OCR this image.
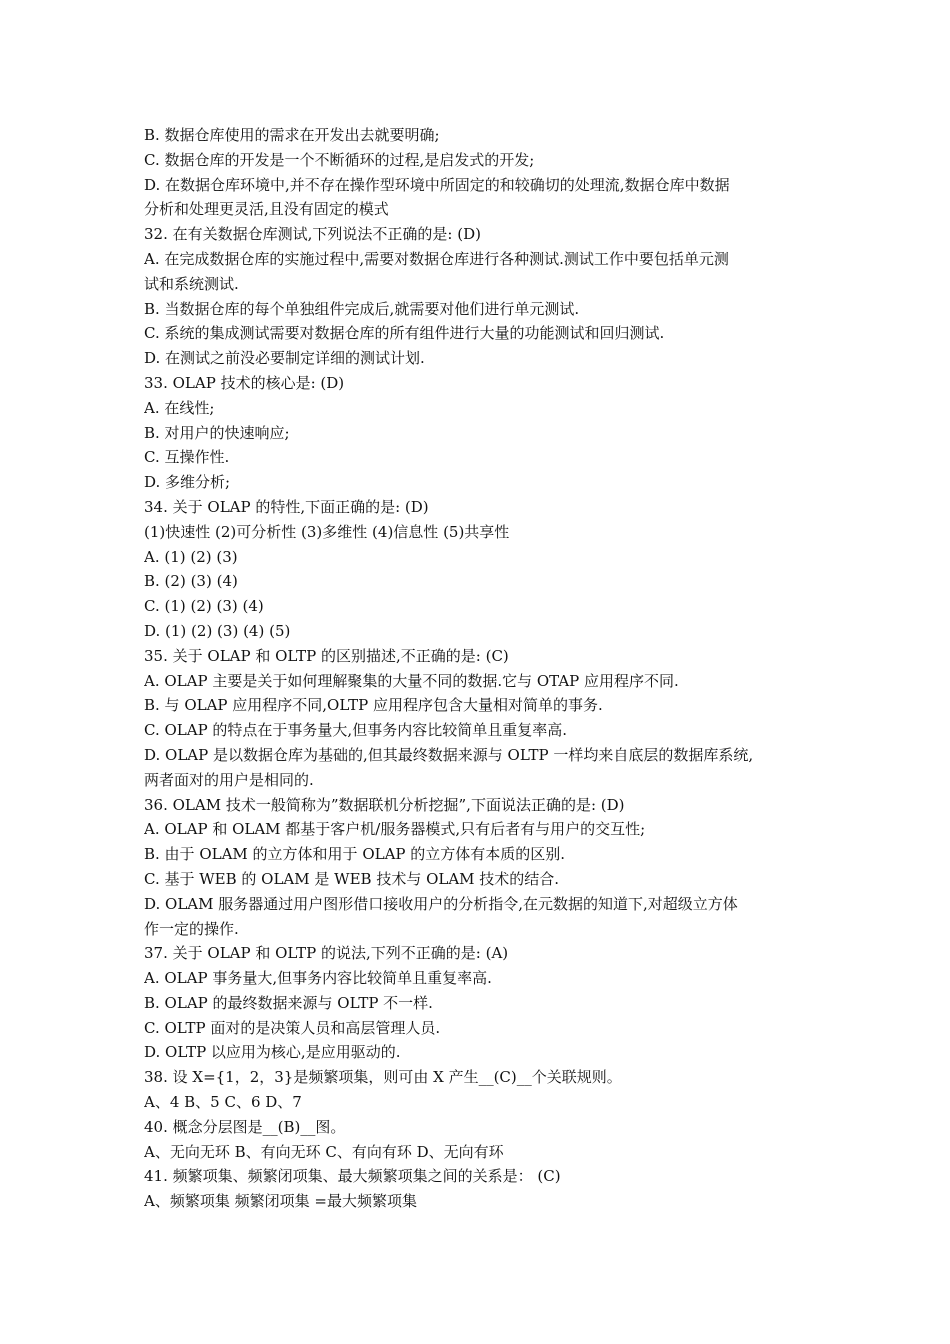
B. 数据仓库使用的需求在开发出去就要明确;
C. 数据仓库的开发是一个不断循环的过程,是启发式的开发;
D. 在数据仓库环境中,并不存在操作型环境中所固定的和较确切的处理流,数据仓库中数据
分析和处理更灵活,且没有固定的模式
32. 在有关数据仓库测试,下列说法不正确的是: (D)
A. 在完成数据仓库的实施过程中,需要对数据仓库进行各种测试.测试工作中要包括单元测
试和系统测试.
B. 当数据仓库的每个单独组件完成后,就需要对他们进行单元测试.
C. 系统的集成测试需要对数据仓库的所有组件进行大量的功能测试和回归测试.
D. 在测试之前没必要制定详细的测试计划.
33. OLAP 技术的核心是: (D)
A. 在线性;
B. 对用户的快速响应;
C. 互操作性.
D. 多维分析;
34. 关于 OLAP 的特性,下面正确的是: (D)
(1)快速性 (2)可分析性 (3)多维性 (4)信息性 (5)共享性
A. (1) (2) (3)
B. (2) (3) (4)
C. (1) (2) (3) (4)
D. (1) (2) (3) (4) (5)
35. 关于 OLAP 和 OLTP 的区别描述,不正确的是: (C)
A. OLAP 主要是关于如何理解聚集的大量不同的数据.它与 OTAP 应用程序不同.
B. 与 OLAP 应用程序不同,OLTP 应用程序包含大量相对简单的事务.
C. OLAP 的特点在于事务量大,但事务内容比较简单且重复率高.
D. OLAP 是以数据仓库为基础的,但其最终数据来源与 OLTP 一样均来自底层的数据库系统,
两者面对的用户是相同的.
36. OLAM 技术一般简称为”数据联机分析挖掘”,下面说法正确的是: (D)
A. OLAP 和 OLAM 都基于客户机/服务器模式,只有后者有与用户的交互性;
B. 由于 OLAM 的立方体和用于 OLAP 的立方体有本质的区别.
C. 基于 WEB 的 OLAM 是 WEB 技术与 OLAM 技术的结合.
D. OLAM 服务器通过用户图形借口接收用户的分析指令,在元数据的知道下,对超级立方体
作一定的操作.
37. 关于 OLAP 和 OLTP 的说法,下列不正确的是: (A)
A. OLAP 事务量大,但事务内容比较简单且重复率高.
B. OLAP 的最终数据来源与 OLTP 不一样.
C. OLTP 面对的是决策人员和高层管理人员.
D. OLTP 以应用为核心,是应用驱动的.
38. 设 X={1，2，3}是频繁项集，则可由 X 产生__(C)__个关联规则。
A、4 B、5 C、6 D、7
40. 概念分层图是__(B)__图。
A、无向无环 B、有向无环 C、有向有环 D、无向有环
41. 频繁项集、频繁闭项集、最大频繁项集之间的关系是： (C)
A、频繁项集 频繁闭项集 =最大频繁项集
